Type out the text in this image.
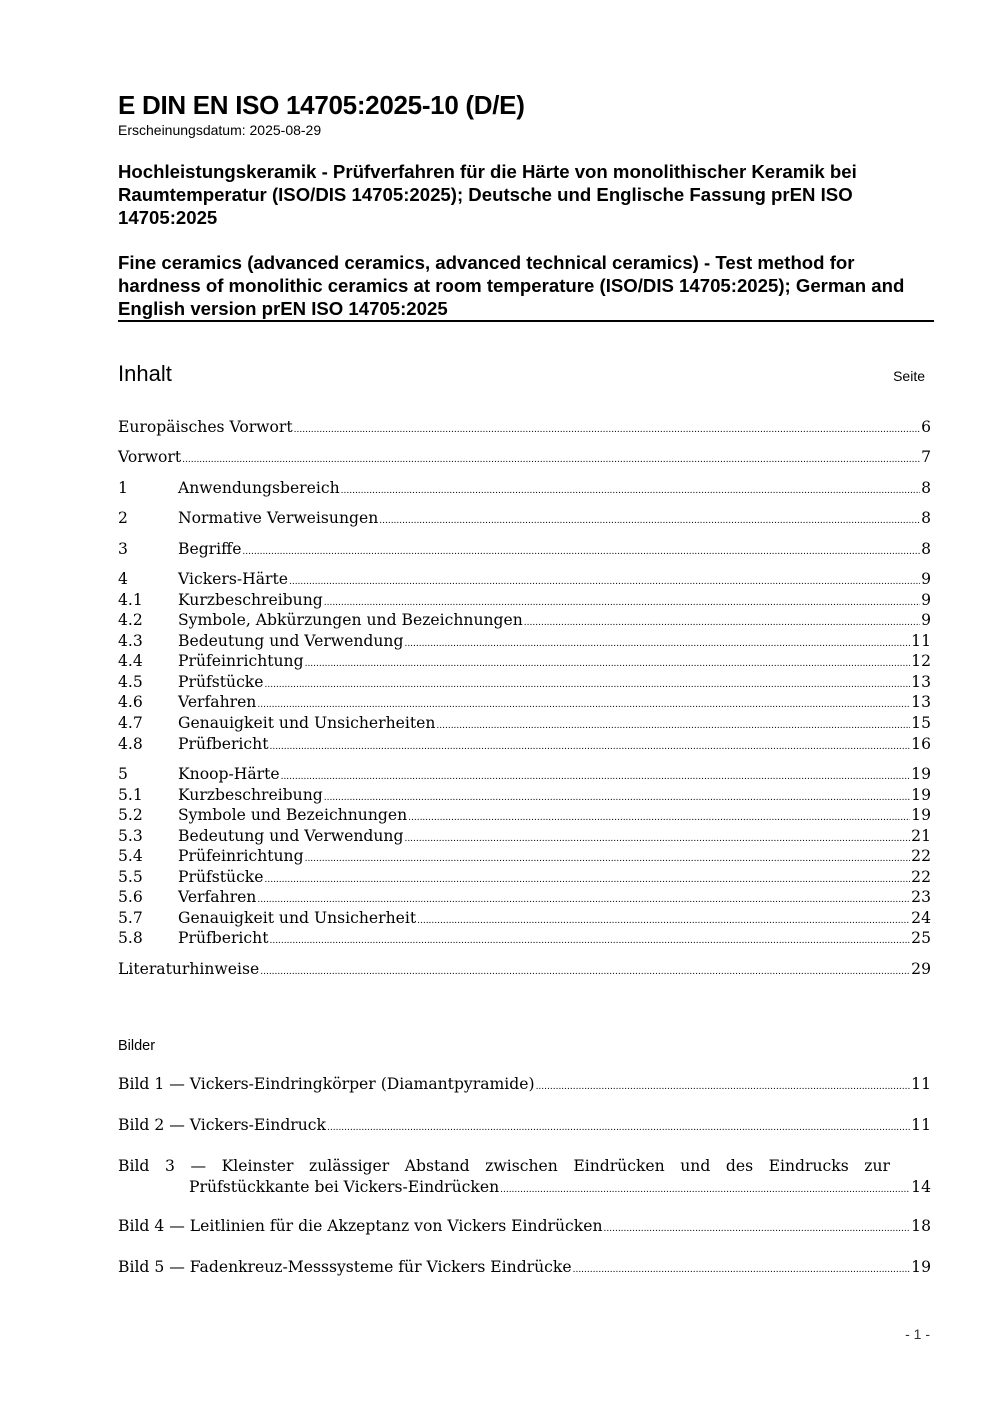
E DIN EN ISO 14705:2025-10 (D/E)
Erscheinungsdatum: 2025-08-29
Hochleistungskeramik - Prüfverfahren für die Härte von monolithischer Keramik bei Raumtemperatur (ISO/DIS 14705:2025); Deutsche und Englische Fassung prEN ISO 14705:2025
Fine ceramics (advanced ceramics, advanced technical ceramics) - Test method for hardness of monolithic ceramics at room temperature (ISO/DIS 14705:2025); German and English version prEN ISO 14705:2025
Inhalt	Seite
Europäisches Vorwort .....	6
Vorwort .....	7
1	Anwendungsbereich .....	8
2	Normative Verweisungen .....	8
3	Begriffe .....	8
4	Vickers-Härte .....	9
4.1	Kurzbeschreibung .....	9
4.2	Symbole, Abkürzungen und Bezeichnungen .....	9
4.3	Bedeutung und Verwendung .....	11
4.4	Prüfeinrichtung .....	12
4.5	Prüfstücke .....	13
4.6	Verfahren .....	13
4.7	Genauigkeit und Unsicherheiten .....	15
4.8	Prüfbericht .....	16
5	Knoop-Härte .....	19
5.1	Kurzbeschreibung .....	19
5.2	Symbole und Bezeichnungen .....	19
5.3	Bedeutung und Verwendung .....	21
5.4	Prüfeinrichtung .....	22
5.5	Prüfstücke .....	22
5.6	Verfahren .....	23
5.7	Genauigkeit und Unsicherheit .....	24
5.8	Prüfbericht .....	25
Literaturhinweise .....	29
Bilder
Bild 1 — Vickers-Eindringkörper (Diamantpyramide) .....	11
Bild 2 — Vickers-Eindruck .....	11
Bild 3 — Kleinster zulässiger Abstand zwischen Eindrücken und des Eindrucks zur
Prüfstückkante bei Vickers-Eindrücken .....	14
Bild 4 — Leitlinien für die Akzeptanz von Vickers Eindrücken .....	18
Bild 5 — Fadenkreuz-Messsysteme für Vickers Eindrücke .....	19
- 1 -
